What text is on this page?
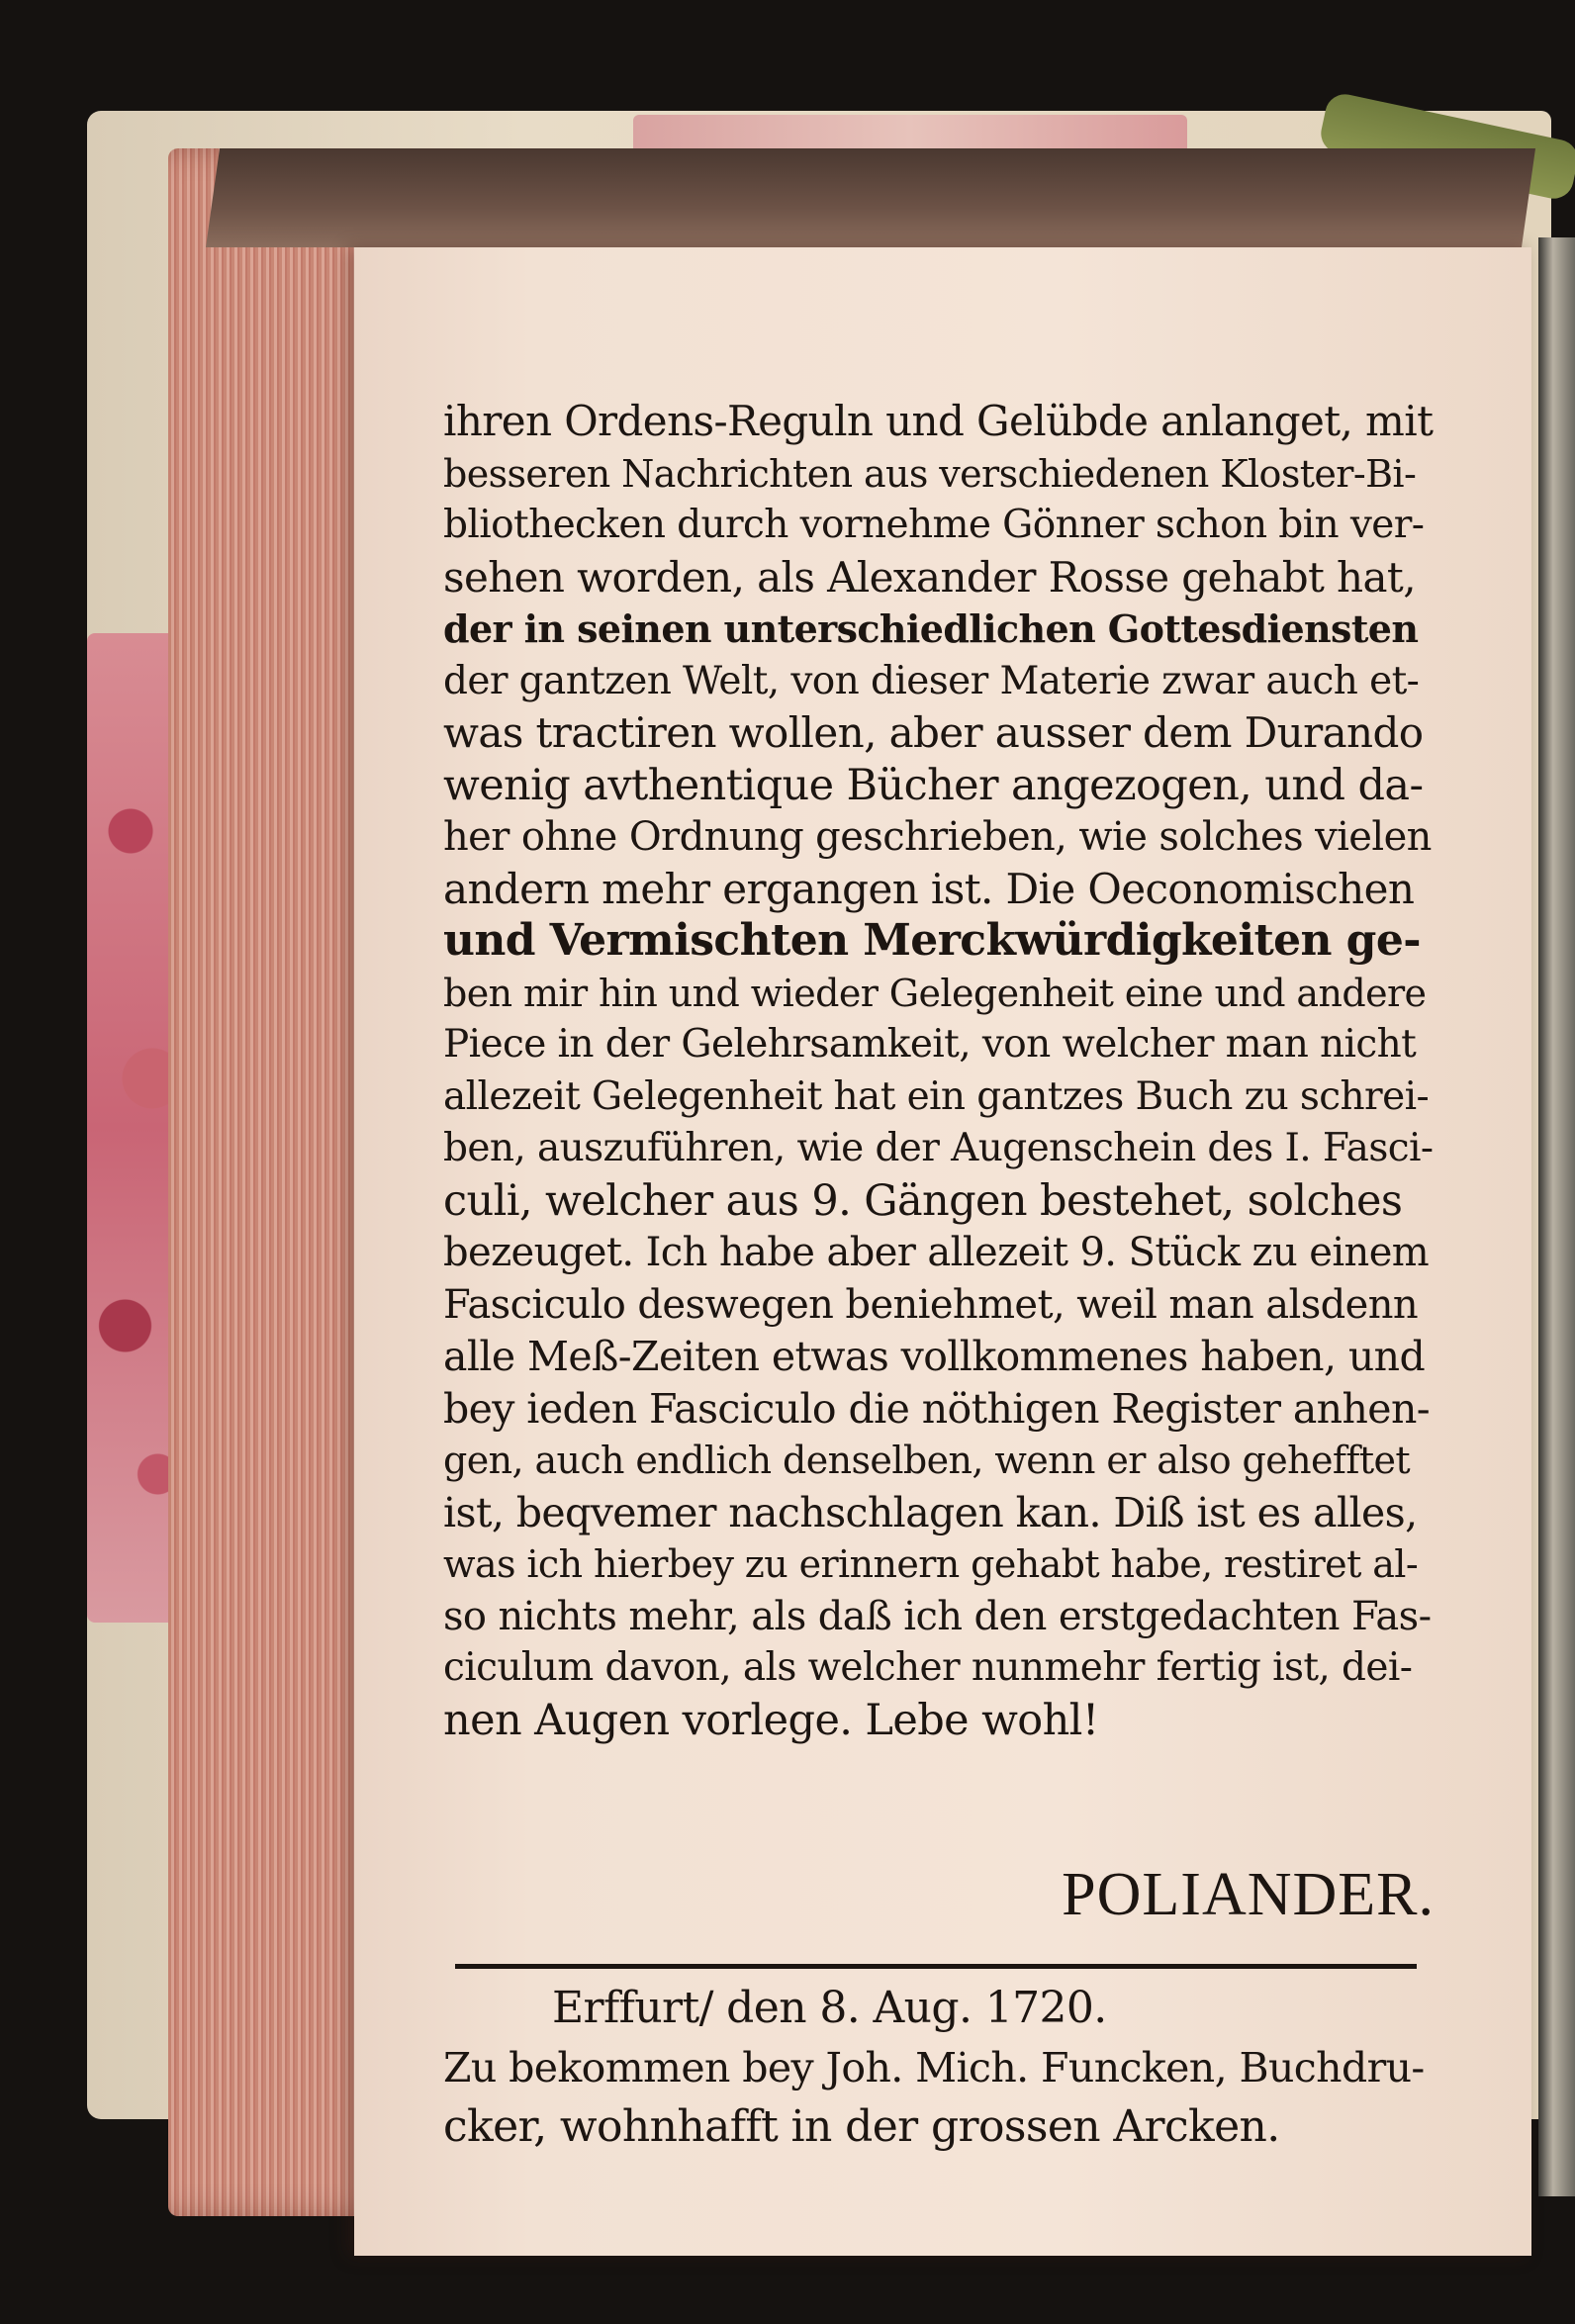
ihren Ordens-Reguln und Gelübde anlanget, mit
besseren Nachrichten aus verschiedenen Kloster-Bi-
bliothecken durch vornehme Gönner schon bin ver-
sehen worden, als Alexander Rosse gehabt hat,
der in seinen unterschiedlichen Gottesdiensten
der gantzen Welt, von dieser Materie zwar auch et-
was tractiren wollen, aber ausser dem Durando
wenig avthentique Bücher angezogen, und da-
her ohne Ordnung geschrieben, wie solches vielen
andern mehr ergangen ist. Die Oeconomischen
und Vermischten Merckwürdigkeiten ge-
ben mir hin und wieder Gelegenheit eine und andere
Piece in der Gelehrsamkeit, von welcher man nicht
allezeit Gelegenheit hat ein gantzes Buch zu schrei-
ben, auszuführen, wie der Augenschein des I. Fasci-
culi, welcher aus 9. Gängen bestehet, solches
bezeuget. Ich habe aber allezeit 9. Stück zu einem
Fasciculo deswegen beniehmet, weil man alsdenn
alle Meß-Zeiten etwas vollkommenes haben, und
bey ieden Fasciculo die nöthigen Register anhen-
gen, auch endlich denselben, wenn er also gehefftet
ist, beqvemer nachschlagen kan. Diß ist es alles,
was ich hierbey zu erinnern gehabt habe, restiret al-
so nichts mehr, als daß ich den erstgedachten Fas-
ciculum davon, als welcher nunmehr fertig ist, dei-
nen Augen vorlege. Lebe wohl!
POLIANDER.
Erffurt/ den 8. Aug. 1720.
Zu bekommen bey Joh. Mich. Funcken, Buchdru-
cker, wohnhafft in der grossen Arcken.
